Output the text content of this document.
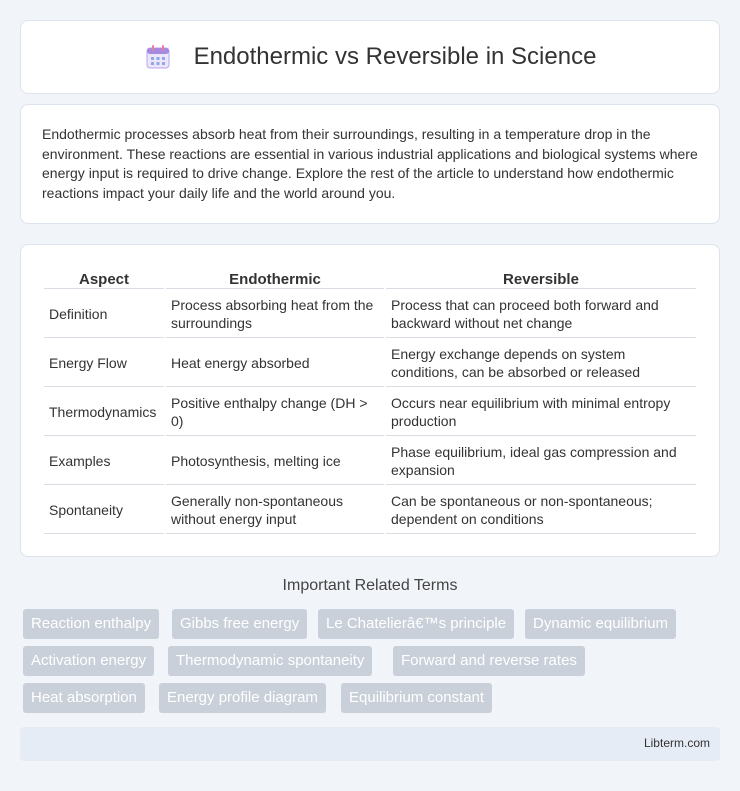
Endothermic vs Reversible in Science

Endothermic processes absorb heat from their surroundings, resulting in a temperature drop in the environment. These reactions are essential in various industrial applications and biological systems where energy input is required to drive change. Explore the rest of the article to understand how endothermic reactions impact your daily life and the world around you.

Aspect	Endothermic	Reversible
Definition	Process absorbing heat from the surroundings	Process that can proceed both forward and backward without net change
Energy Flow	Heat energy absorbed	Energy exchange depends on system conditions, can be absorbed or released
Thermodynamics	Positive enthalpy change (DH > 0)	Occurs near equilibrium with minimal entropy production
Examples	Photosynthesis, melting ice	Phase equilibrium, ideal gas compression and expansion
Spontaneity	Generally non-spontaneous without energy input	Can be spontaneous or non-spontaneous; dependent on conditions
Important Related Terms
Reaction enthalpy	Gibbs free energy	Le Chatelierâ€™s principle	Dynamic equilibrium
Activation energy	Thermodynamic spontaneity	Forward and reverse rates
Heat absorption	Energy profile diagram	Equilibrium constant
Libterm.com
